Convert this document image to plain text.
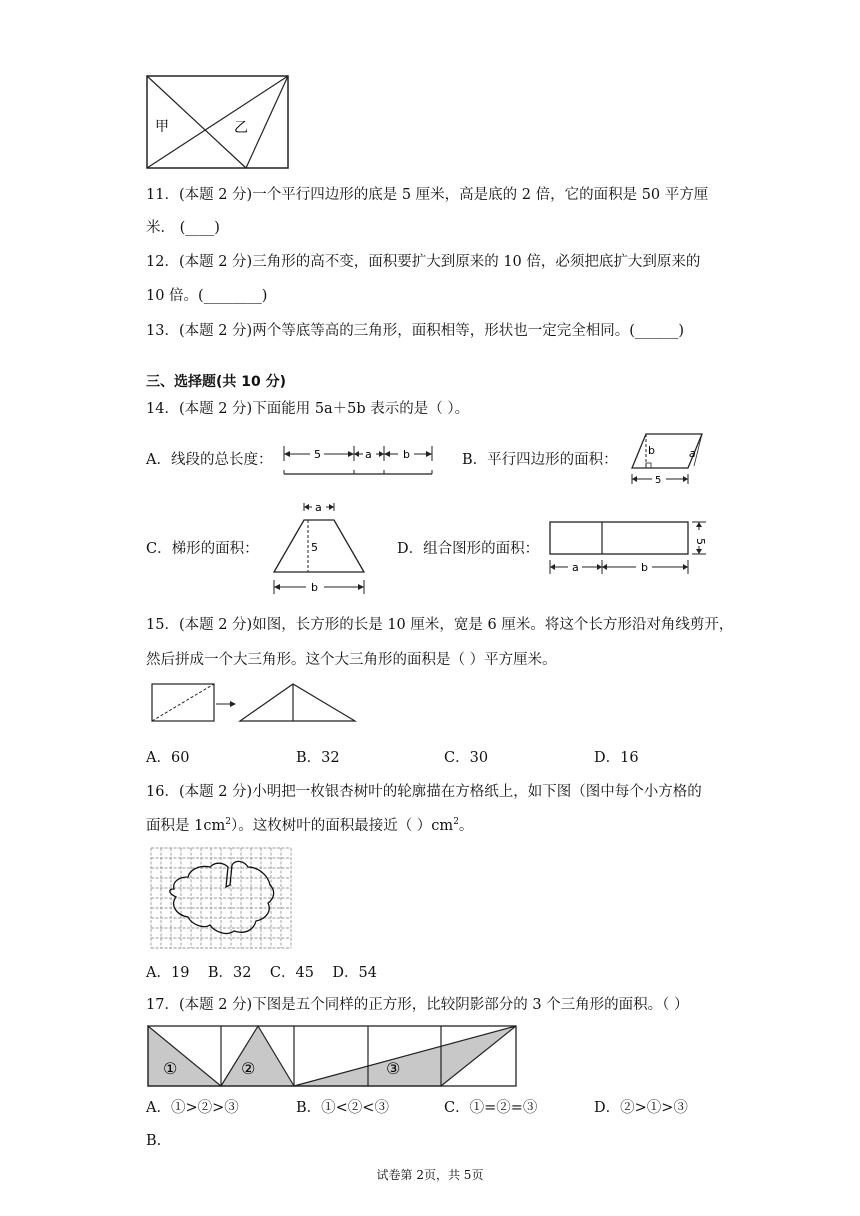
甲	乙
11．(本题 2 分)一个平行四边形的底是 5 厘米，高是底的 2 倍，它的面积是 50 平方厘
米． (____)
12．(本题 2 分)三角形的高不变，面积要扩大到原来的 10 倍，必须把底扩大到原来的
10 倍。(________)
13．(本题 2 分)两个等底等高的三角形，面积相等，形状也一定完全相同。(______)
三、选择题(共 10 分)
14．(本题 2 分)下面能用 5a＋5b 表示的是（ ）。
A．线段的总长度：	B．平行四边形的面积：
C．梯形的面积：	D．组合图形的面积：
5	a	b	b	a
5
a
5
b
5
a	b
15．(本题 2 分)如图，长方形的长是 10 厘米，宽是 6 厘米。将这个长方形沿对角线剪开，
然后拼成一个大三角形。这个大三角形的面积是（ ）平方厘米。
A．60	B．32	C．30	D．16
16．(本题 2 分)小明把一枚银杏树叶的轮廓描在方格纸上，如下图（图中每个小方格的
面积是 $1cm^2$）。这枚树叶的面积最接近（ ）$cm^2$。
A．19 B．32 C．45 D．54
17．(本题 2 分)下图是五个同样的正方形，比较阴影部分的 3 个三角形的面积。（ ）
①	②	③
A．①>②>③	B．①<②<③	C．①=②=③	D．②>①>③
B.
试卷第 2页，共 5页
